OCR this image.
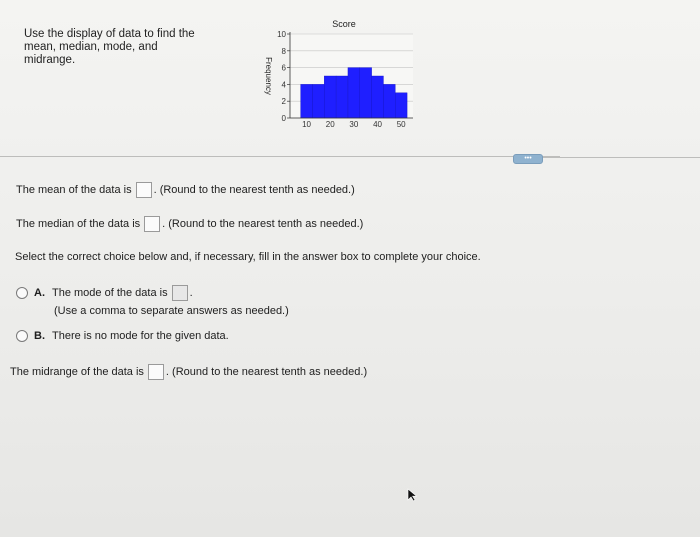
Use the display of data to find the mean, median, mode, and midrange.
0
2
4
6
8
10
10 20 30 40 50
Score
Frequency
•••
The mean of the data is . (Round to the nearest tenth as needed.)
The median of the data is . (Round to the nearest tenth as needed.)
Select the correct choice below and, if necessary, fill in the answer box to complete your choice.
A. The mode of the data is .
(Use a comma to separate answers as needed.)
B. There is no mode for the given data.
The midrange of the data is . (Round to the nearest tenth as needed.)
